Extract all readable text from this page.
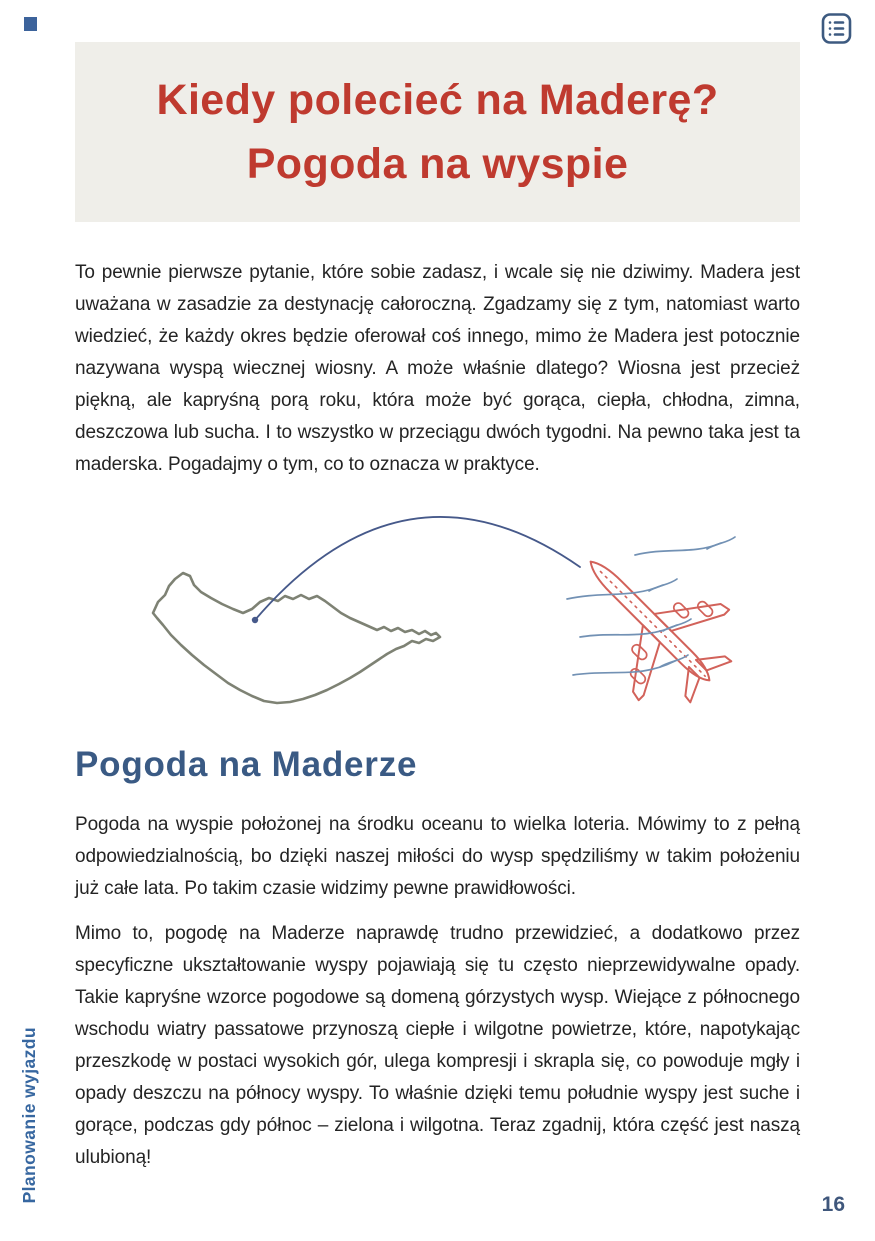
Kiedy polecieć na Maderę?
Pogoda na wyspie

To pewnie pierwsze pytanie, które sobie zadasz, i wcale się nie dziwimy. Madera jest uważana w zasadzie za destynację całoroczną. Zgadzamy się z tym, natomiast warto wiedzieć, że każdy okres będzie oferował coś innego, mimo że Madera jest potocznie nazywana wyspą wiecznej wiosny. A może właśnie dlatego? Wiosna jest przecież piękną, ale kapryśną porą roku, która może być gorąca, ciepła, chłodna, zimna, deszczowa lub sucha. I to wszystko w przeciągu dwóch tygodni. Na pewno taka jest ta maderska. Pogadajmy o tym, co to oznacza w praktyce.

Pogoda na Maderze

Pogoda na wyspie położonej na środku oceanu to wielka loteria. Mówimy to z pełną odpowiedzialnością, bo dzięki naszej miłości do wysp spędziliśmy w takim położeniu już całe lata. Po takim czasie widzimy pewne prawidłowości.

Mimo to, pogodę na Maderze naprawdę trudno przewidzieć, a dodatkowo przez specyficzne ukształtowanie wyspy pojawiają się tu często nieprzewidywalne opady. Takie kapryśne wzorce pogodowe są domeną górzystych wysp. Wiejące z północnego wschodu wiatry passatowe przynoszą ciepłe i wilgotne powietrze, które, napotykając przeszkodę w postaci wysokich gór, ulega kompresji i skrapla się, co powoduje mgły i opady deszczu na północy wyspy. To właśnie dzięki temu południe wyspy jest suche i gorące, podczas gdy północ – zielona i wilgotna. Teraz zgadnij, która część jest naszą ulubioną!

Planowanie wyjazdu
16
